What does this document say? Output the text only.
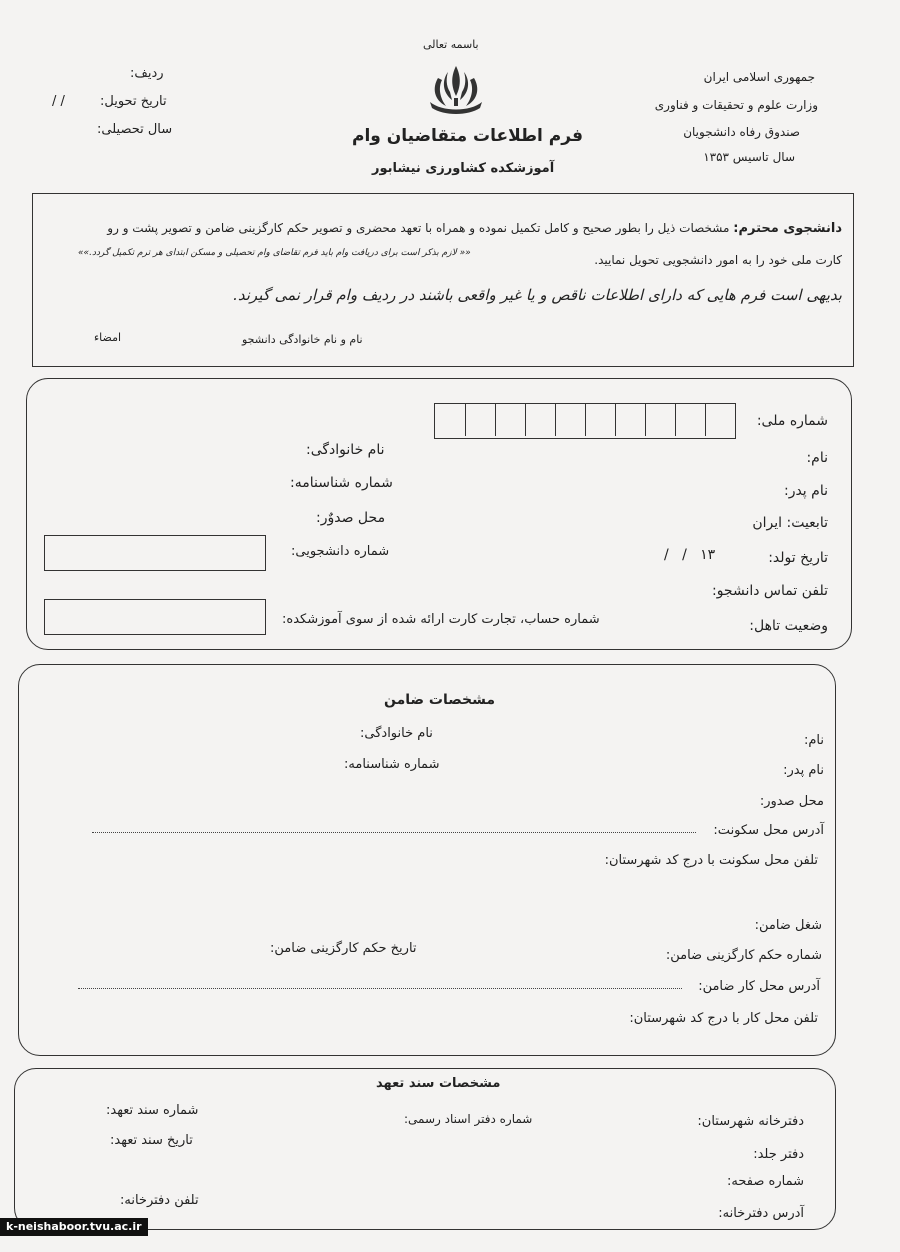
باسمه تعالی
جمهوری اسلامی ایران
وزارت علوم و تحقیقات و فناوری
صندوق رفاه دانشجویان
سال تاسیس ۱۳۵۳
فرم اطلاعات متقاضیان وام
آموزشکده کشاورزی نیشابور
ردیف:
تاریخ تحویل:
/ /
سال تحصیلی:
دانشجوی محترم: مشخصات ذیل را بطور صحیح و کامل تکمیل نموده و همراه با تعهد محضری و تصویر حکم کارگزینی ضامن و تصویر پشت و رو
کارت ملی خود را به امور دانشجویی تحویل نمایید.
«« لازم بذکر است برای دریافت وام باید فرم تقاضای وام تحصیلی و مسکن ابتدای هر ترم تکمیل گردد.»»
بدیهی است فرم هایی که دارای اطلاعات ناقص و یا غیر واقعی باشند در ردیف وام قرار نمی گیرند.
نام و نام خانوادگی دانشجو
امضاء
شماره ملی:
نام:
نام خانوادگی:
نام پدر:
شماره شناسنامه:
تابعیت: ایران
محل صدوٌر:
تاریخ تولد:
/   /   ۱۳
شماره دانشجویی:
تلفن تماس دانشجو:
شماره حساب، تجارت کارت ارائه شده از سوی آموزشکده:	وضعیت تاهل:
مشخصات ضامن
نام:
نام خانوادگی:
نام پدر:
شماره شناسنامه:
محل صدور:
آدرس محل سکونت:
تلفن محل سکونت با درج کد شهرستان:
شغل ضامن:
شماره حکم کارگزینی ضامن:
تاریخ حکم کارگزینی ضامن:
آدرس محل کار ضامن:
تلفن محل کار با درج کد شهرستان:
مشخصات سند تعهد
دفترخانه شهرستان:
شماره دفتر اسناد رسمی:
شماره سند تعهد:
دفتر جلد:
تاریخ سند تعهد:
شماره صفحه:
تلفن دفترخانه:
آدرس دفترخانه:
k-neishaboor.tvu.ac.ir
